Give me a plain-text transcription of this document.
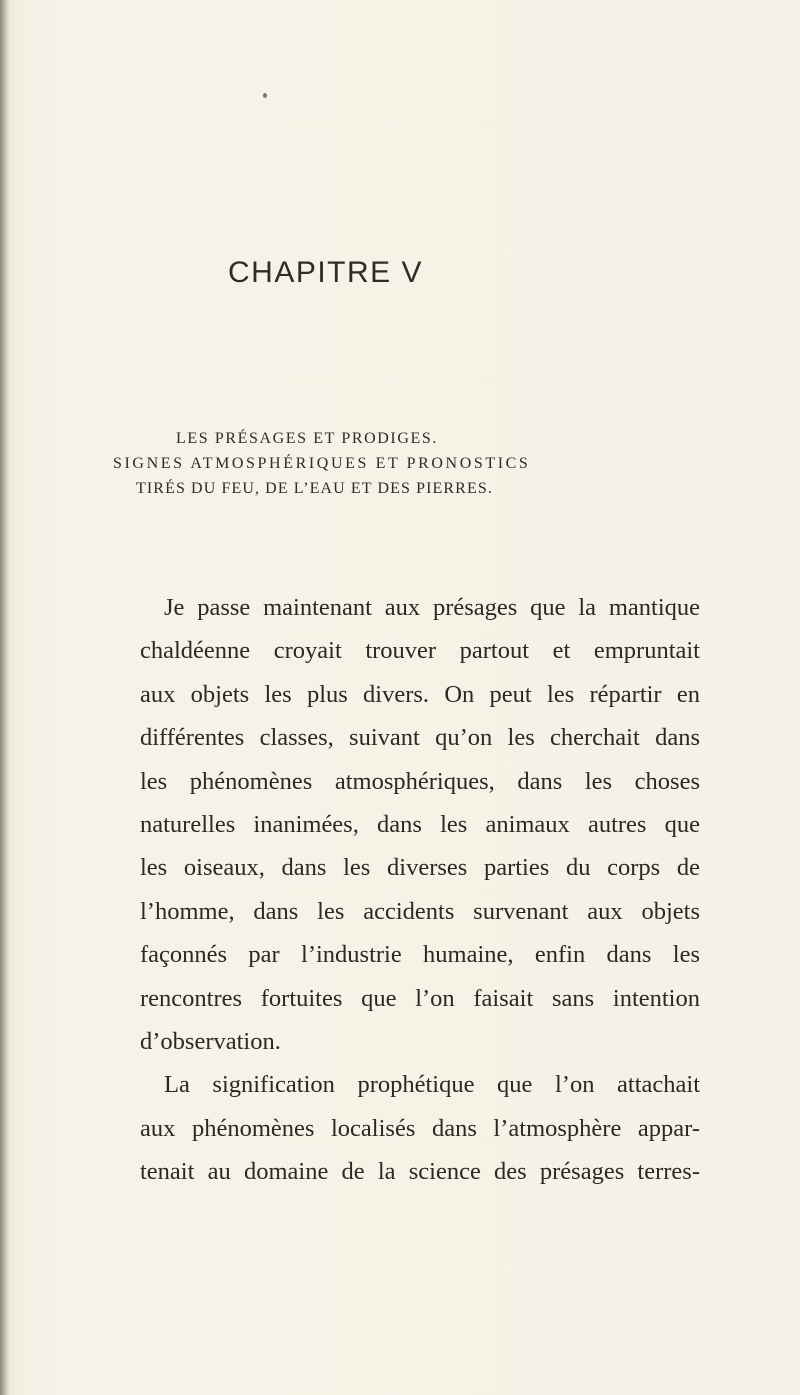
CHAPITRE V
LES PRÉSAGES ET PRODIGES.
SIGNES ATMOSPHÉRIQUES ET PRONOSTICS
TIRÉS DU FEU, DE L’EAU ET DES PIERRES.
Je passe maintenant aux présages que la mantique
chaldéenne croyait trouver partout et empruntait
aux objets les plus divers. On peut les répartir en
différentes classes, suivant qu’on les cherchait dans
les phénomènes atmosphériques, dans les choses
naturelles inanimées, dans les animaux autres que
les oiseaux, dans les diverses parties du corps de
l’homme, dans les accidents survenant aux objets
façonnés par l’industrie humaine, enfin dans les
rencontres fortuites que l’on faisait sans intention
d’observation.
La signification prophétique que l’on attachait
aux phénomènes localisés dans l’atmosphère appar-
tenait au domaine de la science des présages terres-
